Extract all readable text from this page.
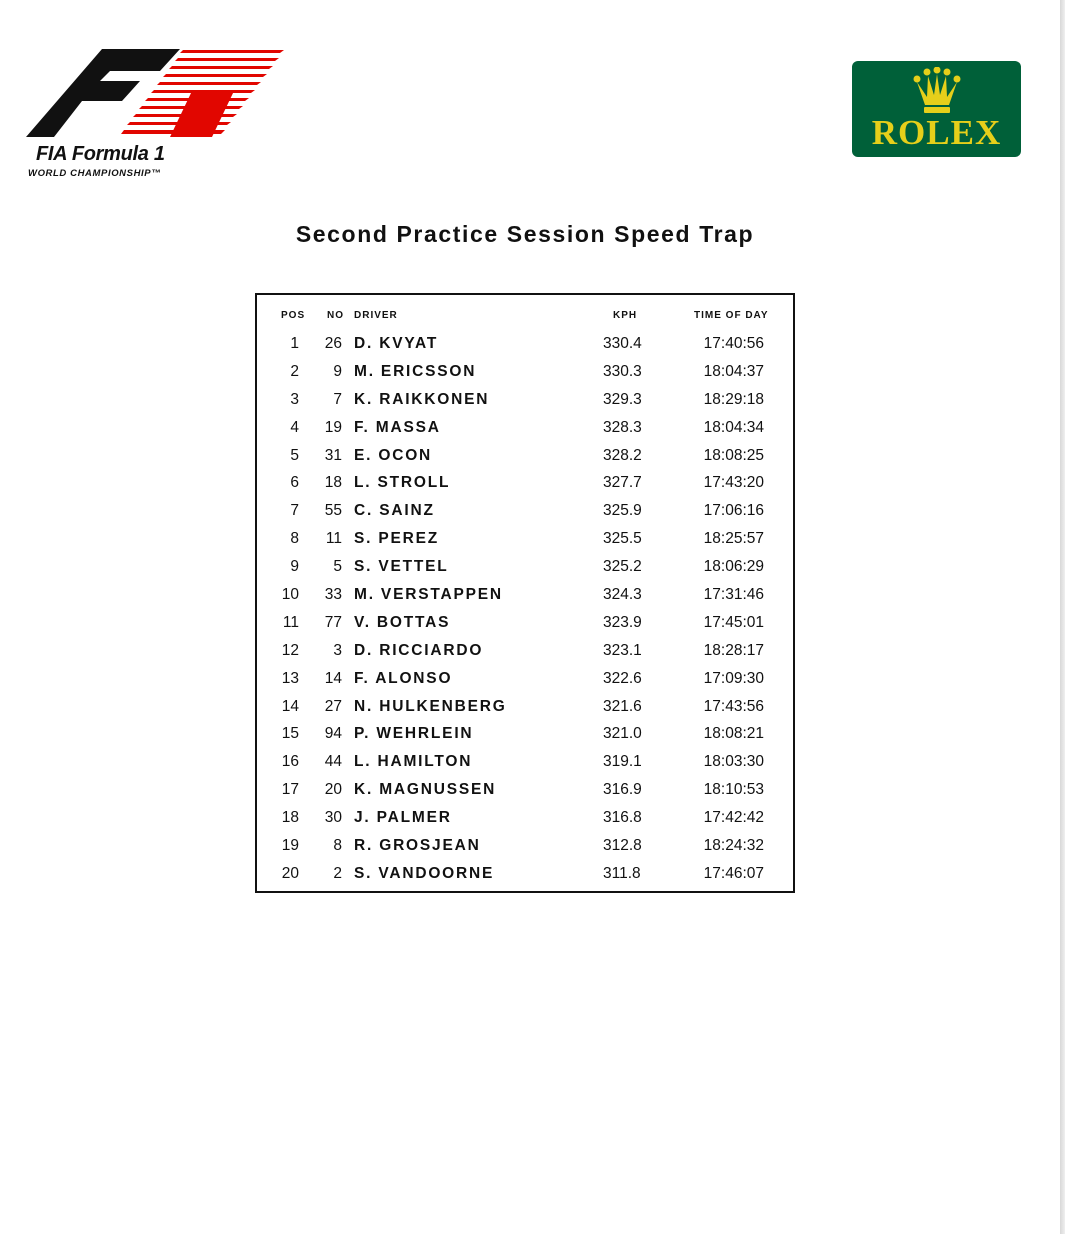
FIA Formula 1
WORLD CHAMPIONSHIP™
ROLEX
Second Practice Session Speed Trap
POS NO DRIVER	KPH	TIME OF DAY
1 26 D. KVYAT	330.4	17:40:56
2 9 M. ERICSSON	330.3	18:04:37
3 7 K. RAIKKONEN	329.3	18:29:18
4 19 F. MASSA	328.3	18:04:34
5 31 E. OCON	328.2	18:08:25
6 18 L. STROLL	327.7	17:43:20
7 55 C. SAINZ	325.9	17:06:16
8 11 S. PEREZ	325.5	18:25:57
9 5 S. VETTEL	325.2	18:06:29
10 33 M. VERSTAPPEN	324.3	17:31:46
11 77 V. BOTTAS	323.9	17:45:01
12 3 D. RICCIARDO	323.1	18:28:17
13 14 F. ALONSO	322.6	17:09:30
14 27 N. HULKENBERG	321.6	17:43:56
15 94 P. WEHRLEIN	321.0	18:08:21
16 44 L. HAMILTON	319.1	18:03:30
17 20 K. MAGNUSSEN	316.9	18:10:53
18 30 J. PALMER	316.8	17:42:42
19 8 R. GROSJEAN	312.8	18:24:32
20 2 S. VANDOORNE	311.8	17:46:07
